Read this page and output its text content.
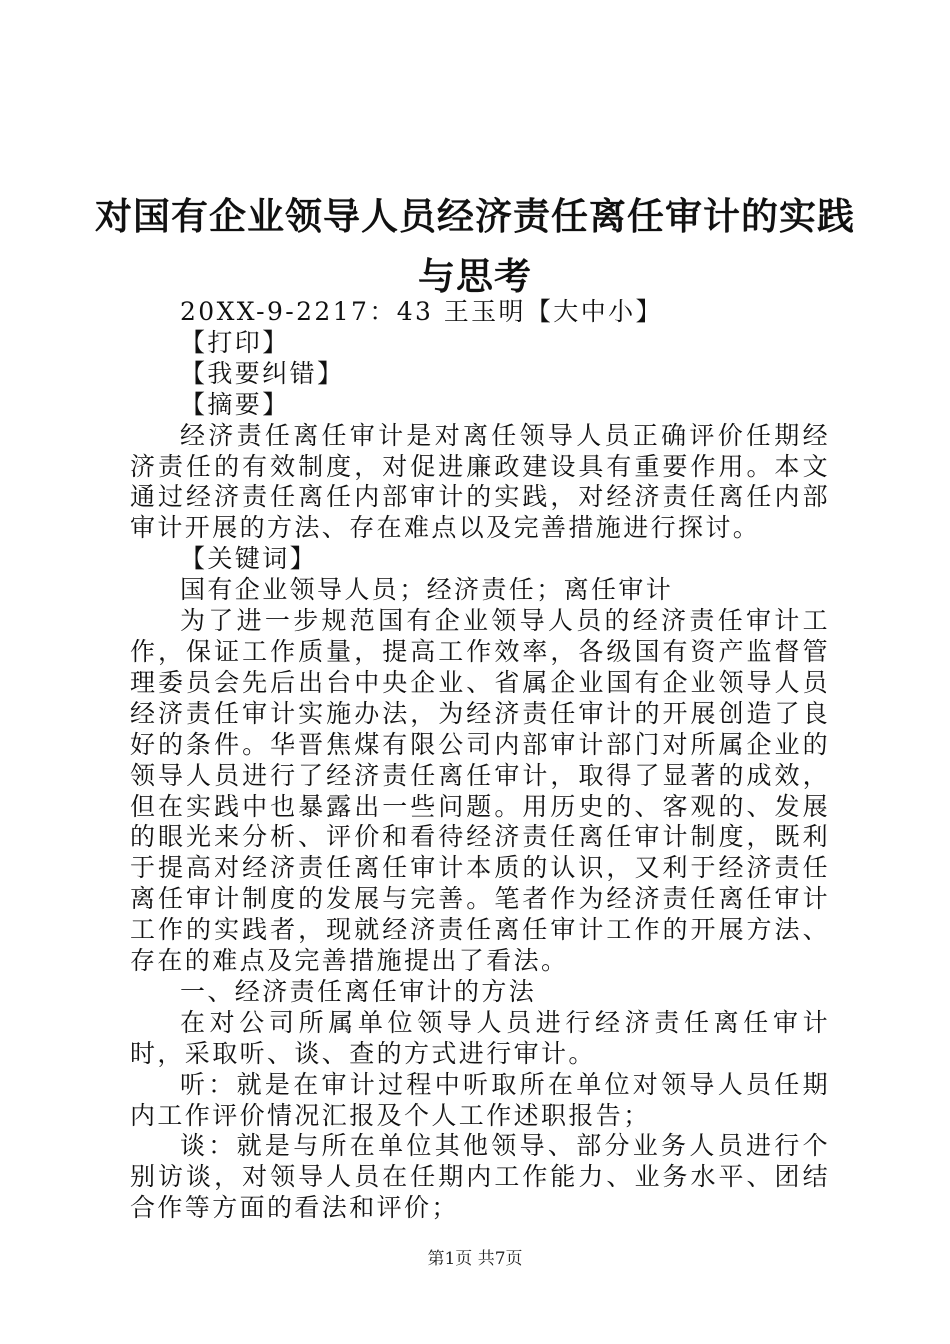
对国有企业领导人员经济责任离任审计的实践
与思考

20XX-9-2217：43 王玉明【大中小】

【打印】

【我要纠错】

【摘要】

经济责任离任审计是对离任领导人员正确评价任期经济责任的有效制度，对促进廉政建设具有重要作用。本文通过经济责任离任内部审计的实践，对经济责任离任内部审计开展的方法、存在难点以及完善措施进行探讨。

【关键词】

国有企业领导人员；经济责任；离任审计

为了进一步规范国有企业领导人员的经济责任审计工作，保证工作质量，提高工作效率，各级国有资产监督管理委员会先后出台中央企业、省属企业国有企业领导人员经济责任审计实施办法，为经济责任审计的开展创造了良好的条件。华晋焦煤有限公司内部审计部门对所属企业的领导人员进行了经济责任离任审计，取得了显著的成效，但在实践中也暴露出一些问题。用历史的、客观的、发展的眼光来分析、评价和看待经济责任离任审计制度，既利于提高对经济责任离任审计本质的认识，又利于经济责任离任审计制度的发展与完善。笔者作为经济责任离任审计工作的实践者，现就经济责任离任审计工作的开展方法、存在的难点及完善措施提出了看法。

一、经济责任离任审计的方法

在对公司所属单位领导人员进行经济责任离任审计时，采取听、谈、查的方式进行审计。

听：就是在审计过程中听取所在单位对领导人员任期内工作评价情况汇报及个人工作述职报告；

谈：就是与所在单位其他领导、部分业务人员进行个别访谈，对领导人员在任期内工作能力、业务水平、团结合作等方面的看法和评价；

第1页 共7页
